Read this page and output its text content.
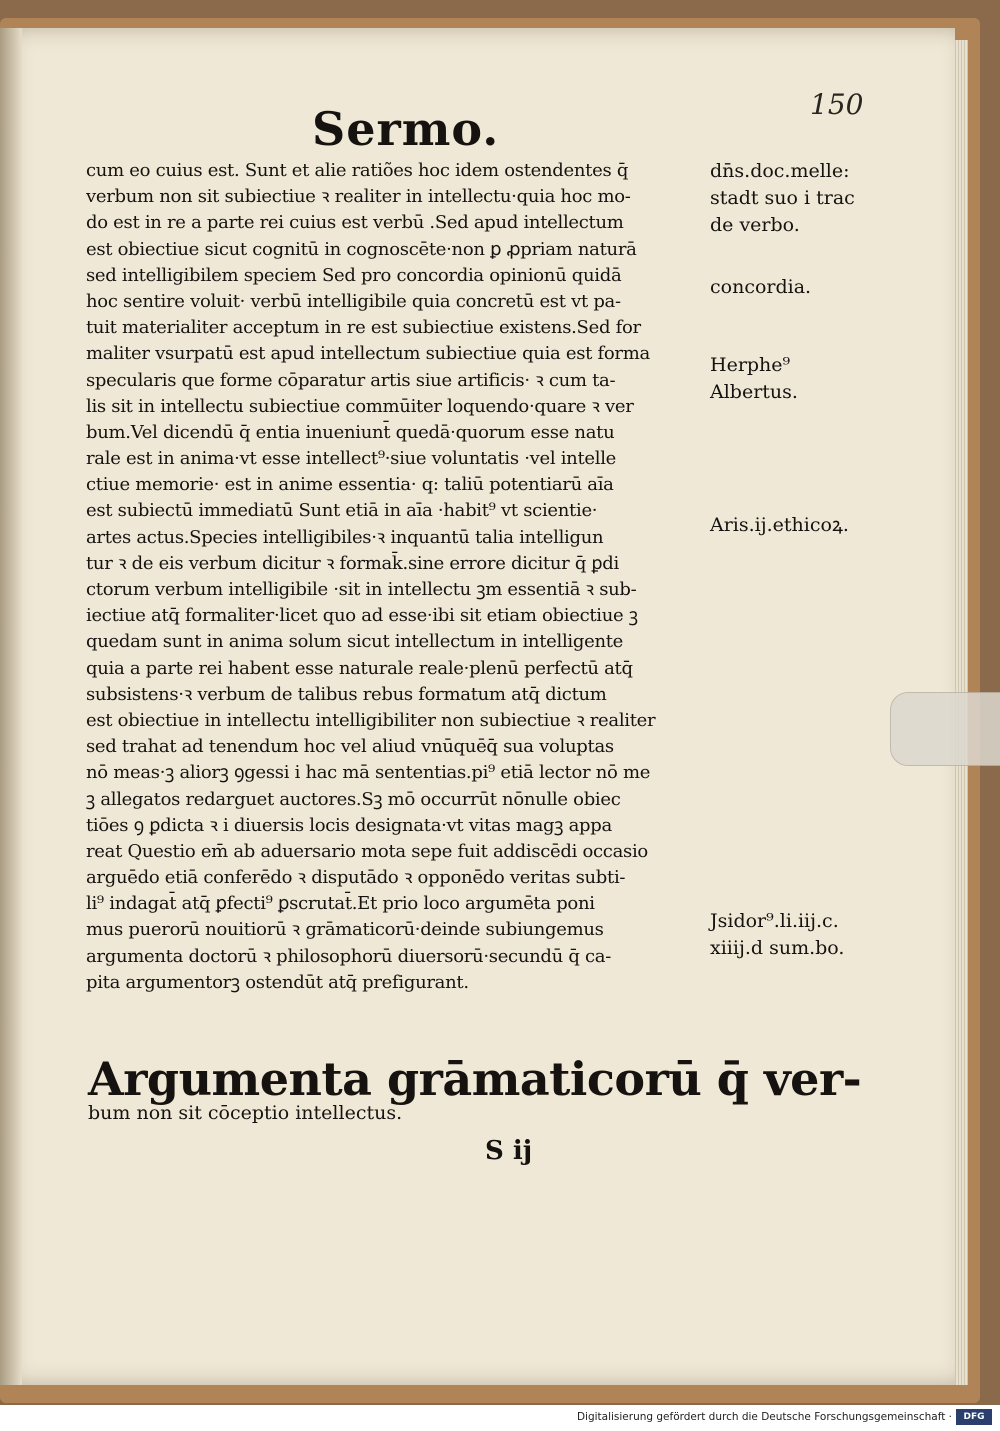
150
Sermo.
cum eo cuius est. Sunt et alie ratiões hoc idem ostendentes q̄
verbum non sit subiectiue ꝛ realiter in intellectu·quia hoc mo-
do est in re a parte rei cuius est verbū .Sed apud intellectum
est obiectiue sicut cognitū in cognoscēte·non ꝑ ꝓpriam naturā
sed intelligibilem speciem Sed pro concordia opinionū quidā
hoc sentire voluit· verbū intelligibile quia concretū est vt pa-
tuit materialiter acceptum in re est subiectiue existens.Sed for
maliter vsurpatū est apud intellectum subiectiue quia est forma
specularis que forme cōparatur artis siue artificis· ꝛ cum ta-
lis sit in intellectu subiectiue commūiter loquendo·quare ꝛ ver
bum.Vel dicendū q̄ entia inueniunt̄ quedā·quorum esse natu
rale est in anima·vt esse intellect⁹·siue voluntatis ·vel intelle
ctiue memorie· est in anime essentia· q: taliū potentiarū aīa
est subiectū immediatū Sunt etiā in aīa ·habit⁹ vt scientie·
artes actus.Species intelligibiles·ꝛ inquantū talia intelligun
tur ꝛ de eis verbum dicitur ꝛ formak̄.sine errore dicitur q̄ ꝑdi
ctorum verbum intelligibile ·sit in intellectu ꝫm essentiā ꝛ sub-
iectiue atq̄ formaliter·licet quo ad esse·ibi sit etiam obiectiue ꝫ
quedam sunt in anima solum sicut intellectum in intelligente
quia a parte rei habent esse naturale reale·plenū perfectū atq̄
subsistens·ꝛ verbum de talibus rebus formatum atq̄ dictum
est obiectiue in intellectu intelligibiliter non subiectiue ꝛ realiter
sed trahat ad tenendum hoc vel aliud vnūquēq̄ sua voluptas
nō meas·ꝫ aliorꝫ ꝯgessi i hac mā sententias.pi⁹ etiā lector nō me
ꝫ allegatos redarguet auctores.Sꝫ mō occurrūt nōnulle obiec
tiōes ꝯ ꝑdicta ꝛ i diuersis locis designata·vt vitas magꝫ appa
reat Questio em̄ ab aduersario mota sepe fuit addiscēdi occasio
arguēdo etiā conferēdo ꝛ disputādo ꝛ opponēdo veritas subti-
li⁹ indagat̄ atq̄ ꝑfecti⁹ ꝑscrutat̄.Et prio loco argumēta poni
mus puerorū nouitiorū ꝛ grāmaticorū·deinde subiungemus
argumenta doctorū ꝛ philosophorū diuersorū·secundū q̄ ca-
pita argumentorꝫ ostendūt atq̄ prefigurant.
dn̄s.doc.melle:
stadt suo i trac
de verbo.
concordia.
Herphe⁹
Albertus.
Aris.ij.ethicoꝝ.
Jsidor⁹.li.iij.c.
xiiij.d sum.bo.
Argumenta grāmaticorū q̄ ver-
bum non sit cōceptio intellectus.
S ij
Digitalisierung gefördert durch die Deutsche Forschungsgemeinschaft ·	DFG
